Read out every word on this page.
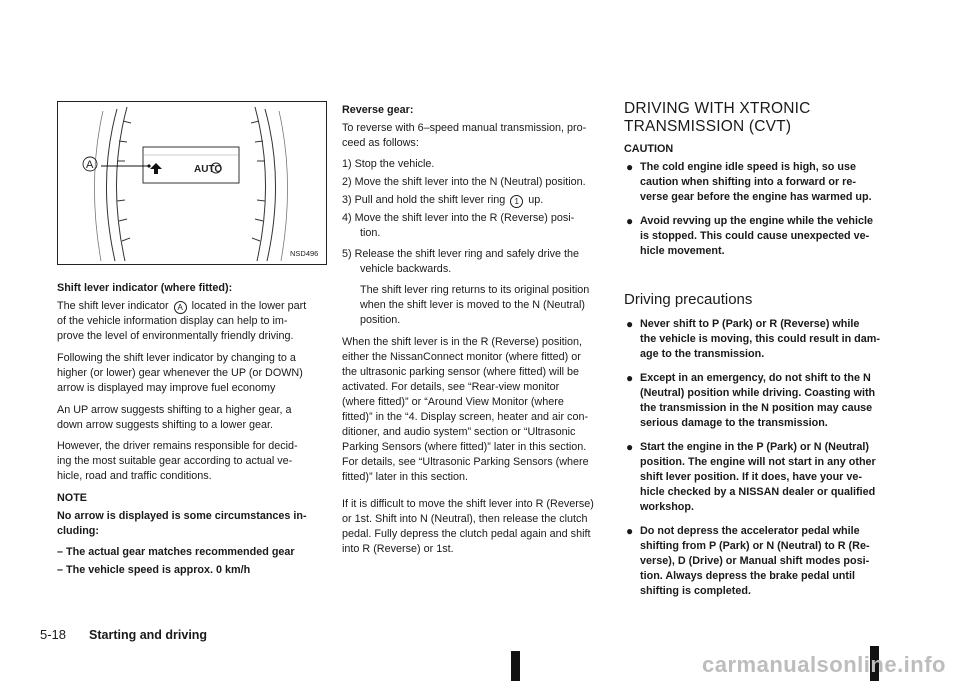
AUTO
A
NSD496

Shift lever indicator (where fitted):

The shift lever indicator A located in the lower part

of the vehicle information display can help to im-

prove the level of environmentally friendly driving.

Following the shift lever indicator by changing to a

higher (or lower) gear whenever the UP (or DOWN)

arrow is displayed may improve fuel economy

An UP arrow suggests shifting to a higher gear, a

down arrow suggests shifting to a lower gear.

However, the driver remains responsible for decid-

ing the most suitable gear according to actual ve-

hicle, road and traffic conditions.

NOTE

No arrow is displayed is some circumstances in-

cluding:

– The actual gear matches recommended gear

– The vehicle speed is approx. 0 km/h

Reverse gear:

To reverse with 6–speed manual transmission, pro-

ceed as follows:

1) Stop the vehicle.

2) Move the shift lever into the N (Neutral) position.

3) Pull and hold the shift lever ring 1 up.

4) Move the shift lever into the R (Reverse) posi-

tion.

5) Release the shift lever ring and safely drive the

vehicle backwards.

The shift lever ring returns to its original position

when the shift lever is moved to the N (Neutral)

position.

When the shift lever is in the R (Reverse) position,

either the NissanConnect monitor (where fitted) or

the ultrasonic parking sensor (where fitted) will be

activated. For details, see “Rear-view monitor

(where fitted)” or “Around View Monitor (where

fitted)” in the “4. Display screen, heater and air con-

ditioner, and audio system” section or “Ultrasonic

Parking Sensors (where fitted)” later in this section.

For details, see “Ultrasonic Parking Sensors (where

fitted)” later in this section.

If it is difficult to move the shift lever into R (Reverse)

or 1st. Shift into N (Neutral), then release the clutch

pedal. Fully depress the clutch pedal again and shift

into R (Reverse) or 1st.

DRIVING WITH XTRONIC
TRANSMISSION (CVT)

CAUTION

● The cold engine idle speed is high, so use

caution when shifting into a forward or re-

verse gear before the engine has warmed up.

● Avoid revving up the engine while the vehicle

is stopped. This could cause unexpected ve-

hicle movement.

Driving precautions
● Never shift to P (Park) or R (Reverse) while

the vehicle is moving, this could result in dam-

age to the transmission.

● Except in an emergency, do not shift to the N

(Neutral) position while driving. Coasting with

the transmission in the N position may cause

serious damage to the transmission.

● Start the engine in the P (Park) or N (Neutral)

position. The engine will not start in any other

shift lever position. If it does, have your ve-

hicle checked by a NISSAN dealer or qualified

workshop.

● Do not depress the accelerator pedal while

shifting from P (Park) or N (Neutral) to R (Re-

verse), D (Drive) or Manual shift modes posi-

tion. Always depress the brake pedal until

shifting is completed.

5-18 Starting and driving
carmanualsonline.info
